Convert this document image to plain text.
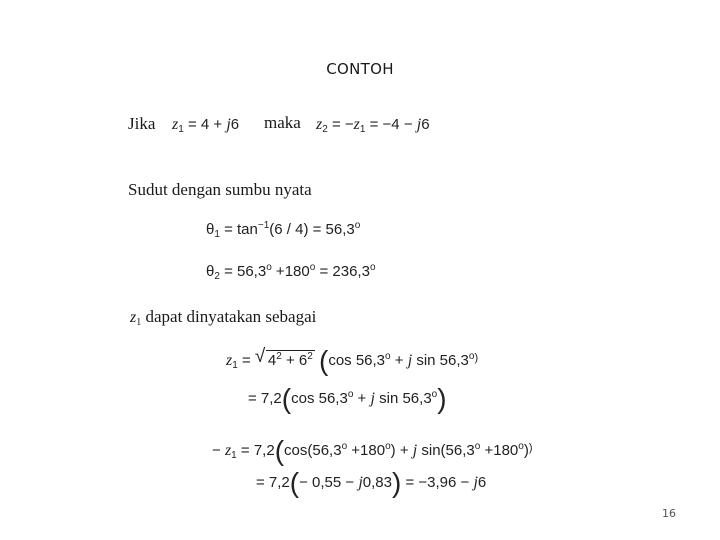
CONTOH
Jika $z_1 = 4 + j6$ maka $z_2 = -z_1 = -4 - j6$
Sudut dengan sumbu nyata
$\theta_1 = \tan^{-1}(6 / 4) = 56,3^o$
$\theta_2 = 56,3^o +180^o = 236,3^o$
$z_1$ dapat dinyatakan sebagai
$z_1$ = √ $4^2 + 6^2$ (cos $56,3^o + j$ $\sin 56,3^{o)}$
= 7,2(cos $56,3^o + j$ $\sin 56,3^o$)
− $z_1 = 7,2(\cos(56,3^o +180^o) + j$ $\sin(56,3^o +180^o)^)$
= 7,2(− 0,55 − j0,83) = −3,96 − j6
16
